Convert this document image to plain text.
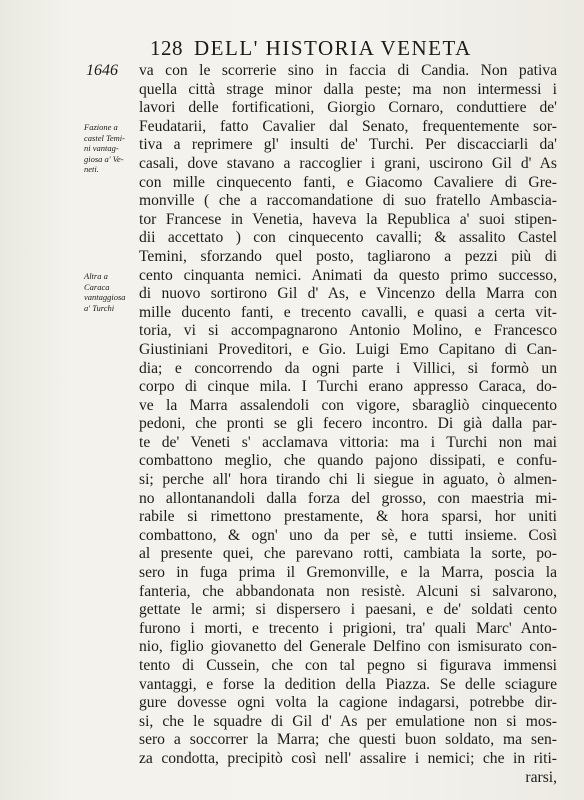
128 DELL' HISTORIA VENETA
1646
Fazione a
castel Temi-
ni vantag-
giosa a' Ve-
neti.
Altra a
Caraca
vantaggiosa
a' Turchi
va con le scorrerie sino in faccia di Candia. Non pativa
quella città strage minor dalla peste; ma non intermessi i
lavori delle fortificationi, Giorgio Cornaro, conduttiere de'
Feudatarii, fatto Cavalier dal Senato, frequentemente sor-
tiva a reprimere gl' insulti de' Turchi. Per discacciarli da'
casali, dove stavano a raccoglier i grani, uscirono Gil d' As
con mille cinquecento fanti, e Giacomo Cavaliere di Gre-
monville ( che a raccomandatione di suo fratello Ambascia-
tor Francese in Venetia, haveva la Republica a' suoi stipen-
dii accettato ) con cinquecento cavalli; & assalito Castel
Temini, sforzando quel posto, tagliarono a pezzi più di
cento cinquanta nemici. Animati da questo primo successo,
di nuovo sortirono Gil d' As, e Vincenzo della Marra con
mille ducento fanti, e trecento cavalli, e quasi a certa vit-
toria, vi si accompagnarono Antonio Molino, e Francesco
Giustiniani Proveditori, e Gio. Luigi Emo Capitano di Can-
dia; e concorrendo da ogni parte i Villici, si formò un
corpo di cinque mila. I Turchi erano appresso Caraca, do-
ve la Marra assalendoli con vigore, sbaragliò cinquecento
pedoni, che pronti se gli fecero incontro. Di già dalla par-
te de' Veneti s' acclamava vittoria: ma i Turchi non mai
combattono meglio, che quando pajono dissipati, e confu-
si; perche all' hora tirando chi li siegue in aguato, ò almen-
no allontanandoli dalla forza del grosso, con maestria mi-
rabile si rimettono prestamente, & hora sparsi, hor uniti
combattono, & ogn' uno da per sè, e tutti insieme. Così
al presente quei, che parevano rotti, cambiata la sorte, po-
sero in fuga prima il Gremonville, e la Marra, poscia la
fanteria, che abbandonata non resistè. Alcuni si salvarono,
gettate le armi; si dispersero i paesani, e de' soldati cento
furono i morti, e trecento i prigioni, tra' quali Marc' Anto-
nio, figlio giovanetto del Generale Delfino con ismisurato con-
tento di Cussein, che con tal pegno si figurava immensi
vantaggi, e forse la dedition della Piazza. Se delle sciagure
gure dovesse ogni volta la cagione indagarsi, potrebbe dir-
si, che le squadre di Gil d' As per emulatione non si mos-
sero a soccorrer la Marra; che questi buon soldato, ma sen-
za condotta, precipitò così nell' assalire i nemici; che in riti-
rarsi,
